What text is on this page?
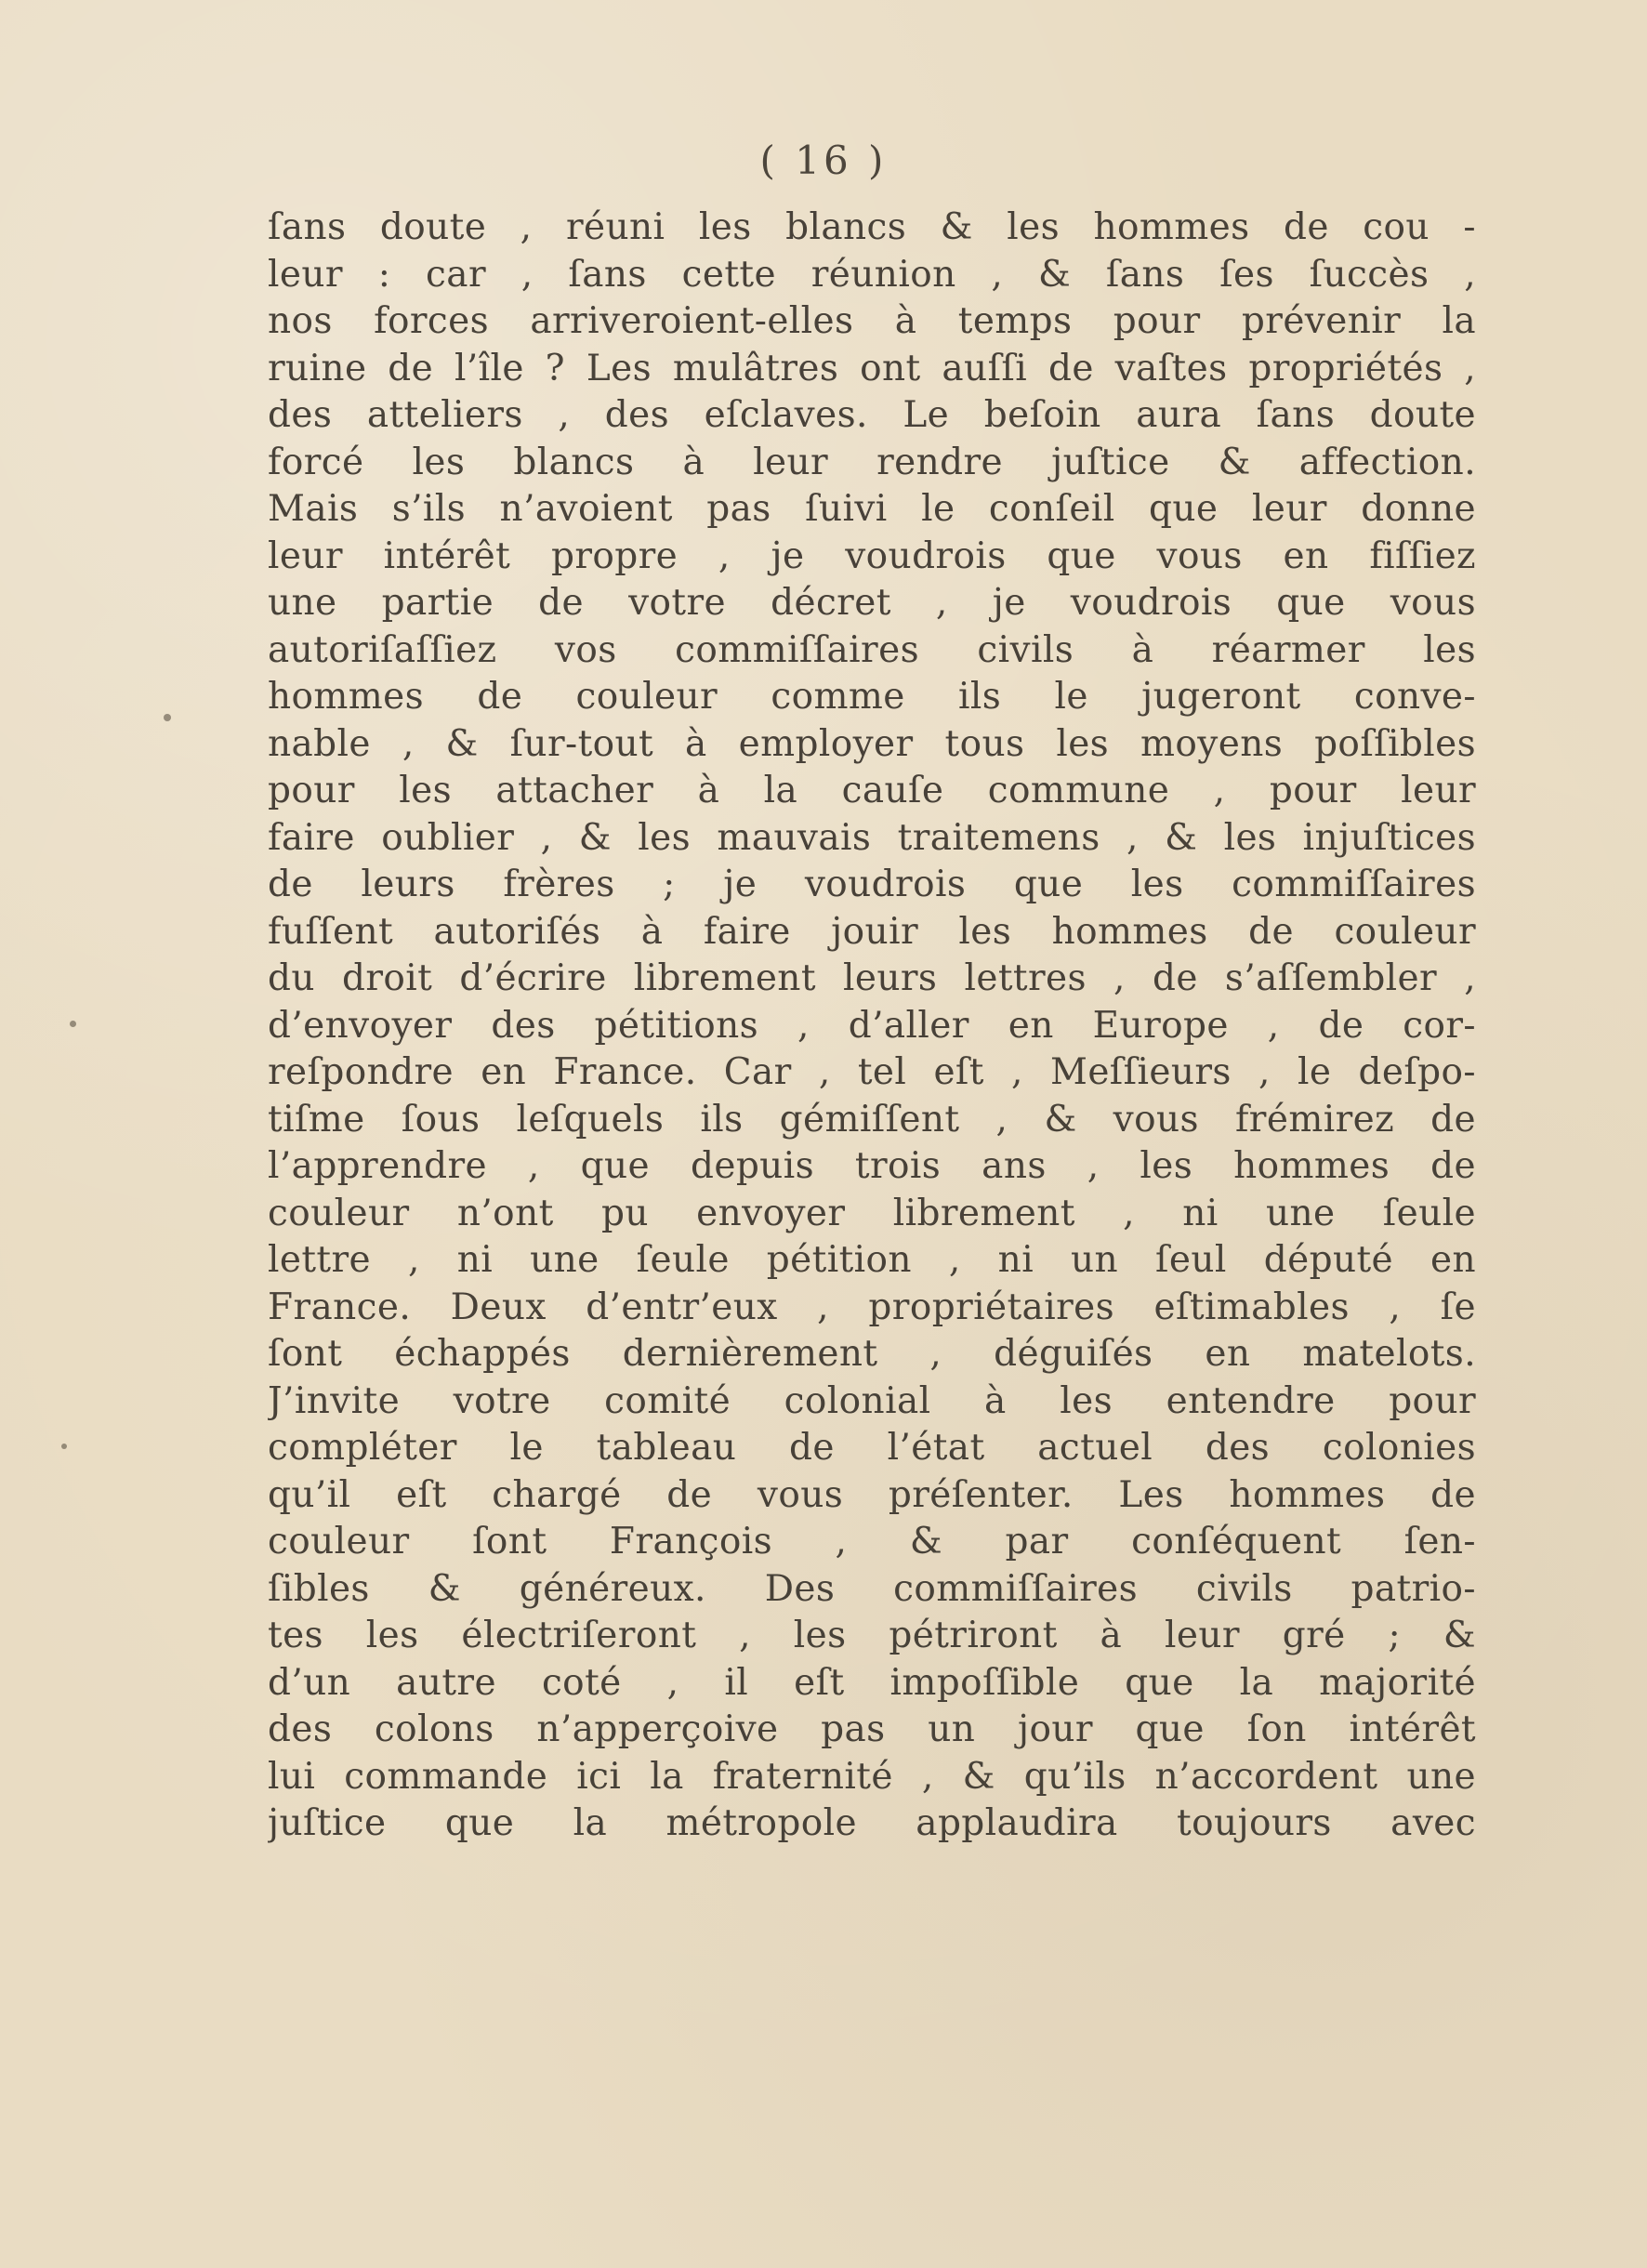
( 16 )
ſans doute , réuni les blancs & les hommes de cou -
leur : car , ſans cette réunion , & ſans ſes ſuccès ,
nos forces arriveroient-elles à temps pour prévenir la
ruine de l’île ? Les mulâtres ont auſſi de vaſtes propriétés ,
des atteliers , des eſclaves. Le beſoin aura ſans doute
forcé les blancs à leur rendre juſtice & affection.
Mais s’ils n’avoient pas ſuivi le conſeil que leur donne
leur intérêt propre , je voudrois que vous en fiſſiez
une partie de votre décret , je voudrois que vous
autoriſaſſiez vos commiſſaires civils à réarmer les
hommes de couleur comme ils le jugeront conve-
nable , & ſur-tout à employer tous les moyens poſſibles
pour les attacher à la cauſe commune , pour leur
faire oublier , & les mauvais traitemens , & les injuſtices
de leurs frères ; je voudrois que les commiſſaires
fuſſent autoriſés à faire jouir les hommes de couleur
du droit d’écrire librement leurs lettres , de s’aſſembler ,
d’envoyer des pétitions , d’aller en Europe , de cor-
reſpondre en France. Car , tel eſt , Meſſieurs , le deſpo-
tiſme ſous leſquels ils gémiſſent , & vous frémirez de
l’apprendre , que depuis trois ans , les hommes de
couleur n’ont pu envoyer librement , ni une ſeule
lettre , ni une ſeule pétition , ni un ſeul député en
France. Deux d’entr’eux , propriétaires eſtimables , ſe
ſont échappés dernièrement , déguiſés en matelots.
J’invite votre comité colonial à les entendre pour
compléter le tableau de l’état actuel des colonies
qu’il eſt chargé de vous préſenter. Les hommes de
couleur ſont François , & par conſéquent ſen-
ſibles & généreux. Des commiſſaires civils patrio-
tes les électriſeront , les pétriront à leur gré ; &
d’un autre coté , il eſt impoſſible que la majorité
des colons n’apperçoive pas un jour que ſon intérêt
lui commande ici la fraternité , & qu’ils n’accordent une
juſtice que la métropole applaudira toujours avec
